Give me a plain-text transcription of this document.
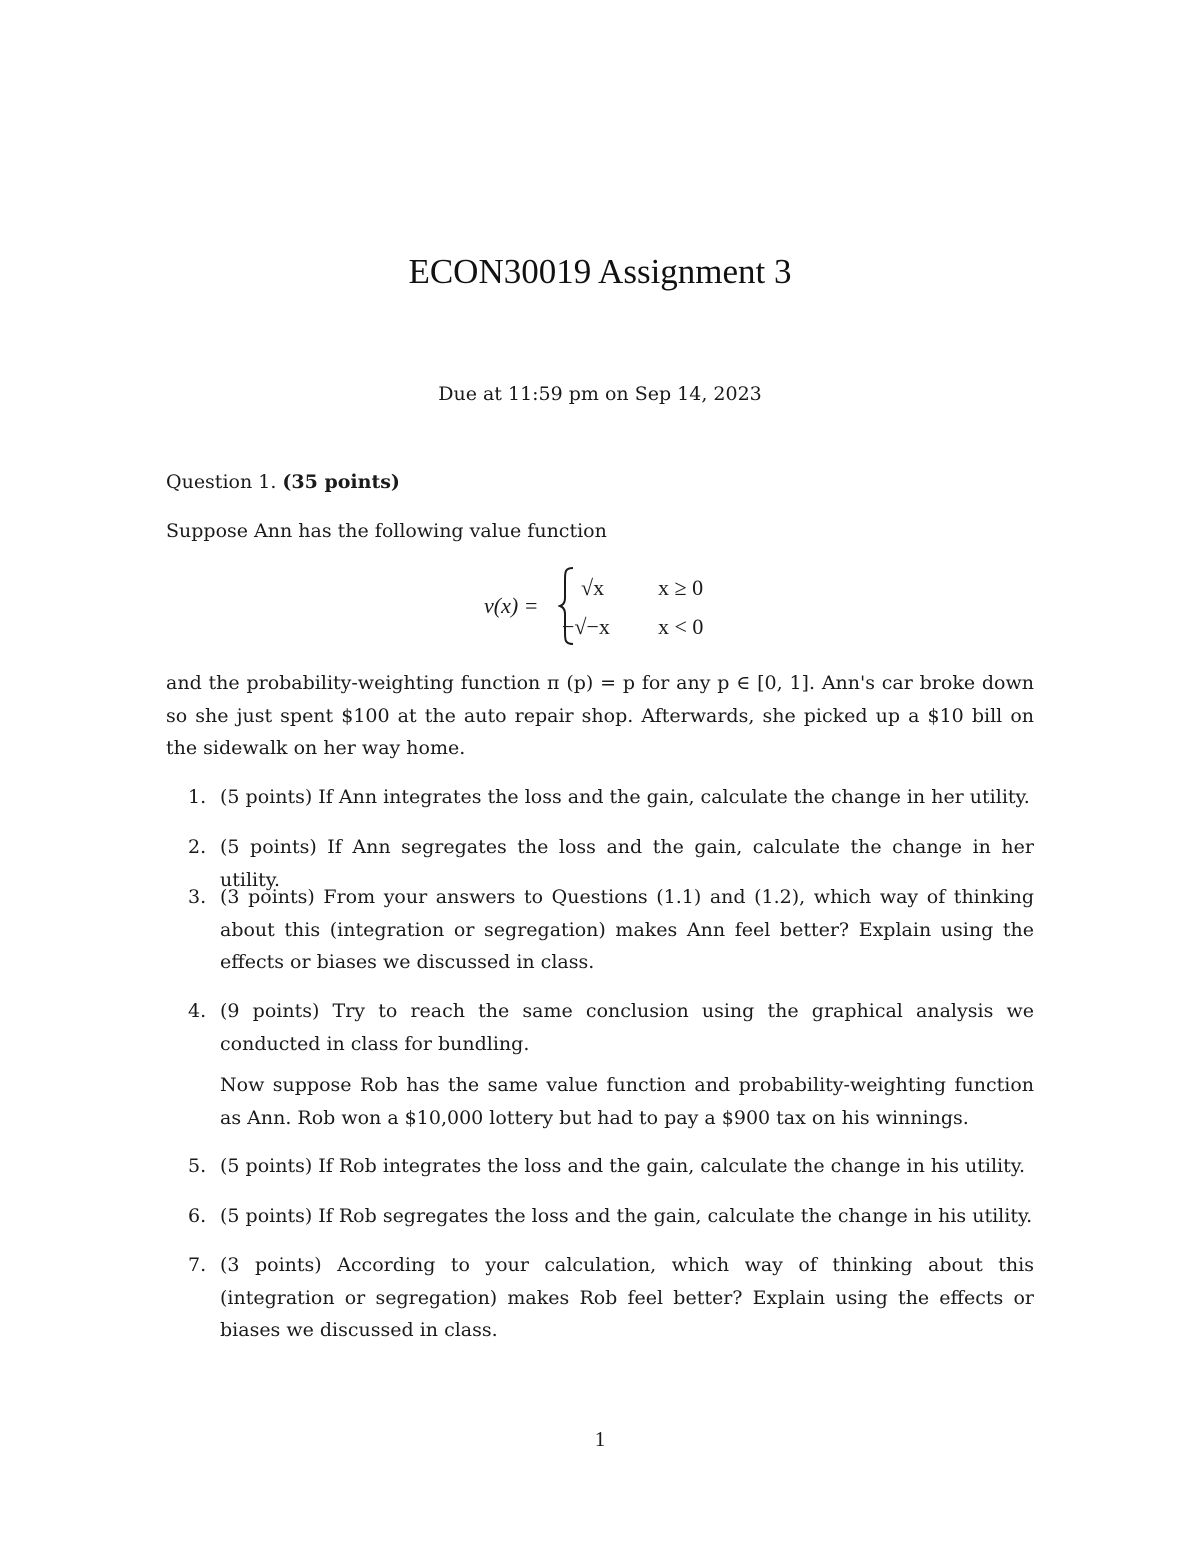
ECON30019 Assignment 3
Due at 11:59 pm on Sep 14, 2023
Question 1. (35 points)
Suppose Ann has the following value function
v(x) =
√x x ≥ 0
−√−x x < 0
and the probability-weighting function π (p) = p for any p ∈ [0, 1]. Ann's car broke down so she just spent $100 at the auto repair shop. Afterwards, she picked up a $10 bill on the sidewalk on her way home.
1. (5 points) If Ann integrates the loss and the gain, calculate the change in her utility.
2. (5 points) If Ann segregates the loss and the gain, calculate the change in her utility.
3. (3 points) From your answers to Questions (1.1) and (1.2), which way of thinking about this (integration or segregation) makes Ann feel better? Explain using the effects or biases we discussed in class.
4. (9 points) Try to reach the same conclusion using the graphical analysis we conducted in class for bundling.
Now suppose Rob has the same value function and probability-weighting function as Ann. Rob won a $10,000 lottery but had to pay a $900 tax on his winnings.
5. (5 points) If Rob integrates the loss and the gain, calculate the change in his utility.
6. (5 points) If Rob segregates the loss and the gain, calculate the change in his utility.
7. (3 points) According to your calculation, which way of thinking about this (integration or segregation) makes Rob feel better? Explain using the effects or biases we discussed in class.
1
